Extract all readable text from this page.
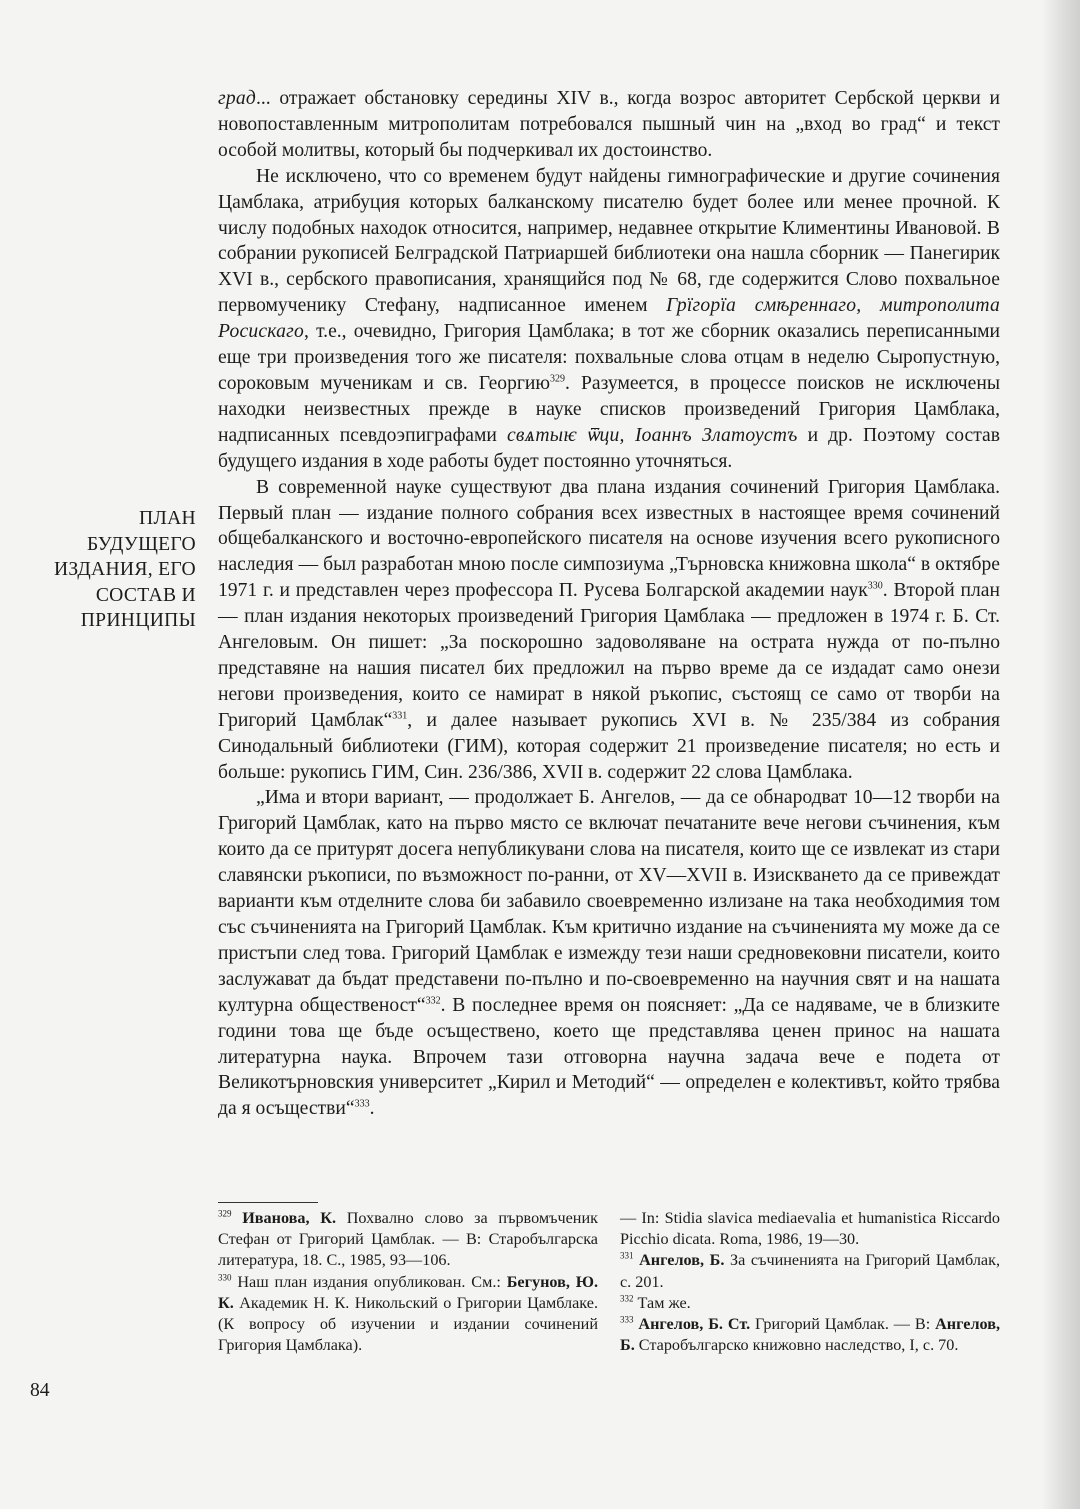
град... отражает обстановку середины XIV в., когда возрос авторитет Сербской церкви и новопоставленным митрополитам потребовался пышный чин на „вход во град“ и текст особой молитвы, который бы подчеркивал их достоинство.

Не исключено, что со временем будут найдены гимнографические и другие сочинения Цамблака, атрибуция которых балканскому писателю будет более или менее прочной. К числу подобных находок относится, например, недавнее открытие Климентины Ивановой. В собрании рукописей Белградской Патриаршей библиотеки она нашла сборник — Панегирик XVI в., сербского правописания, хранящийся под № 68, где содержится Слово похвальное первомученику Стефану, надписанное именем Грїгорїа смѣреннаго, митрополита Росискаго, т.е., очевидно, Григория Цамблака; в тот же сборник оказались переписанными еще три произведения того же писателя: похвальные слова отцам в неделю Сыропустную, сороковым мученикам и св. Георгию$^{329}$. Разумеется, в процессе поисков не исключены находки неизвестных прежде в науке списков произведений Григория Цамблака, надписанных псевдоэпиграфами свѧтыѥ ѿци, Іоаннъ Златоустъ и др. Поэтому состав будущего издания в ходе работы будет постоянно уточняться.

В современной науке существуют два плана издания сочинений Григория Цамблака. Первый план — издание полного собрания всех известных в настоящее время сочинений общебалканского и восточно-европейского писателя на основе изучения всего рукописного наследия — был разработан мною после симпозиума „Търновска книжовна школа“ в октябре 1971 г. и представлен через профессора П. Русева Болгарской академии наук$^{330}$. Второй план — план издания некоторых произведений Григория Цамблака — предложен в 1974 г. Б. Ст. Ангеловым. Он пишет: „За поскорошно задоволяване на острата нужда от по-пълно представяне на нашия писател бих предложил на първо време да се издадат само онези негови произведения, които се намират в някой ръкопис, състоящ се само от творби на Григорий Цамблак“$^{331}$, и далее называет рукопись XVI в. № 235/384 из собрания Синодальный библиотеки (ГИМ), которая содержит 21 произведение писателя; но есть и больше: рукопись ГИМ, Син. 236/386, XVII в. содержит 22 слова Цамблака.

„Има и втори вариант, — продолжает Б. Ангелов, — да се обнародват 10—12 творби на Григорий Цамблак, като на първо място се включат печатаните вече негови съчинения, към които да се притурят досега непубликувани слова на писателя, които ще се извлекат из стари славянски ръкописи, по възможност по-ранни, от XV—XVII в. Изискването да се привеждат варианти към отделните слова би забавило своевременно излизане на така необходимия том със съчиненията на Григорий Цамблак. Към критично издание на съчиненията му може да се пристъпи след това. Григорий Цамблак е измежду тези наши средновековни писатели, които заслужават да бъдат представени по-пълно и по-своевременно на научния свят и на нашата културна общественост“$^{332}$. В последнее время он поясняет: „Да се надяваме, че в близките години това ще бъде осъществено, което ще представлява ценен принос на нашата литературна наука. Впрочем тази отговорна научна задача вече е подета от Великотърновския университет „Кирил и Методий“ — определен е колективът, който трябва да я осъществи“$^{333}$.

ПЛАН
БУДУЩЕГО
ИЗДАНИЯ, ЕГО
СОСТАВ И
ПРИНЦИПЫ

$^{329}$ Иванова, К. Похвално слово за първомъченик Стефан от Григорий Цамблак. — В: Старобългарска литература, 18. С., 1985, 93—106.

$^{330}$ Наш план издания опубликован. См.: Бегунов, Ю. К. Академик Н. К. Никольский о Григории Цамблаке. (К вопросу об изучении и издании сочинений Григория Цамблака).

— In: Stidia slavica mediaevalia et humanistica Riccardo Picchio dicata. Roma, 1986, 19—30.

$^{331}$ Ангелов, Б. За съчиненията на Григорий Цамблак, с. 201.

$^{332}$ Там же.

$^{333}$ Ангелов, Б. Ст. Григорий Цамблак. — В: Ангелов, Б. Старобългарско книжовно наследство, I, с. 70.

84
